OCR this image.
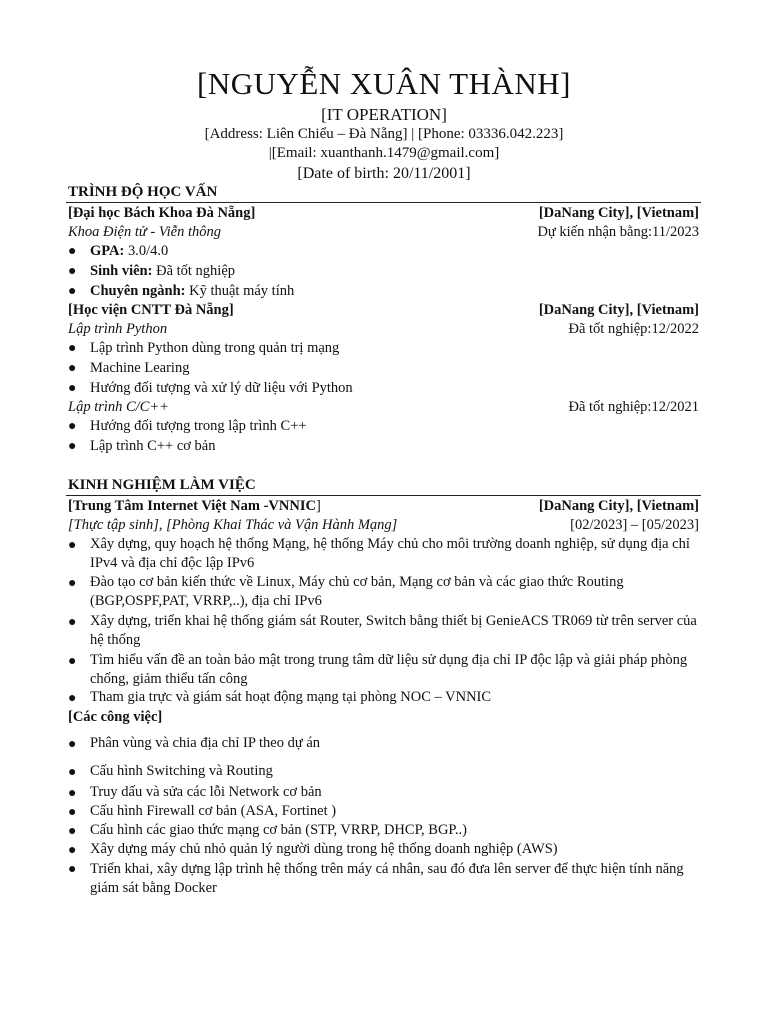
[NGUYỄN XUÂN THÀNH]
[IT OPERATION]
[Address: Liên Chiểu – Đà Nẵng] | [Phone: 03336.042.223]
|[Email: xuanthanh.1479@gmail.com]
[Date of birth: 20/11/2001]
TRÌNH ĐỘ HỌC VẤN
[Đại học Bách Khoa Đà Nẵng]	[DaNang City], [Vietnam]
Khoa Điện tử - Viễn thông	Dự kiến nhận bằng:11/2023
● GPA: 3.0/4.0
● Sinh viên: Đã tốt nghiệp
● Chuyên ngành: Kỹ thuật máy tính
[Học viện CNTT Đà Nẵng]	[DaNang City], [Vietnam]
Lập trình Python	Đã tốt nghiệp:12/2022
● Lập trình Python dùng trong quản trị mạng
● Machine Learing
● Hướng đối tượng và xử lý dữ liệu với Python
Lập trình C/C++	Đã tốt nghiệp:12/2021
● Hướng đối tượng trong lập trình C++
● Lập trình C++ cơ bản
KINH NGHIỆM LÀM VIỆC
[Trung Tâm Internet Việt Nam -VNNIC]	[DaNang City], [Vietnam]
[Thực tập sinh], [Phòng Khai Thác và Vận Hành Mạng]	[02/2023] – [05/2023]
● Xây dựng, quy hoạch hệ thống Mạng, hệ thống Máy chủ cho môi trường doanh nghiệp, sử dụng địa chỉ IPv4 và địa chỉ độc lập IPv6
● Đào tạo cơ bản kiến thức về Linux, Máy chủ cơ bản, Mạng cơ bản và các giao thức Routing (BGP,OSPF,PAT, VRRP,..), địa chỉ IPv6
● Xây dựng, triển khai hệ thống giám sát Router, Switch bằng thiết bị GenieACS TR069 từ trên server của hệ thống
● Tìm hiểu vấn đề an toàn bảo mật trong trung tâm dữ liệu sử dụng địa chỉ IP độc lập và giải pháp phòng chống, giảm thiểu tấn công
● Tham gia trực và giám sát hoạt động mạng tại phòng NOC – VNNIC
[Các công việc]
● Phân vùng và chia địa chỉ IP theo dự án
● Cấu hình Switching và Routing
● Truy dấu và sửa các lỗi Network cơ bản
● Cấu hình Firewall cơ bản (ASA, Fortinet )
● Cấu hình các giao thức mạng cơ bản (STP, VRRP, DHCP, BGP..)
● Xây dựng máy chủ nhỏ quản lý người dùng trong hệ thống doanh nghiệp (AWS)
● Triển khai, xây dựng lập trình hệ thống trên máy cá nhân, sau đó đưa lên server để thực hiện tính năng giám sát bằng Docker
